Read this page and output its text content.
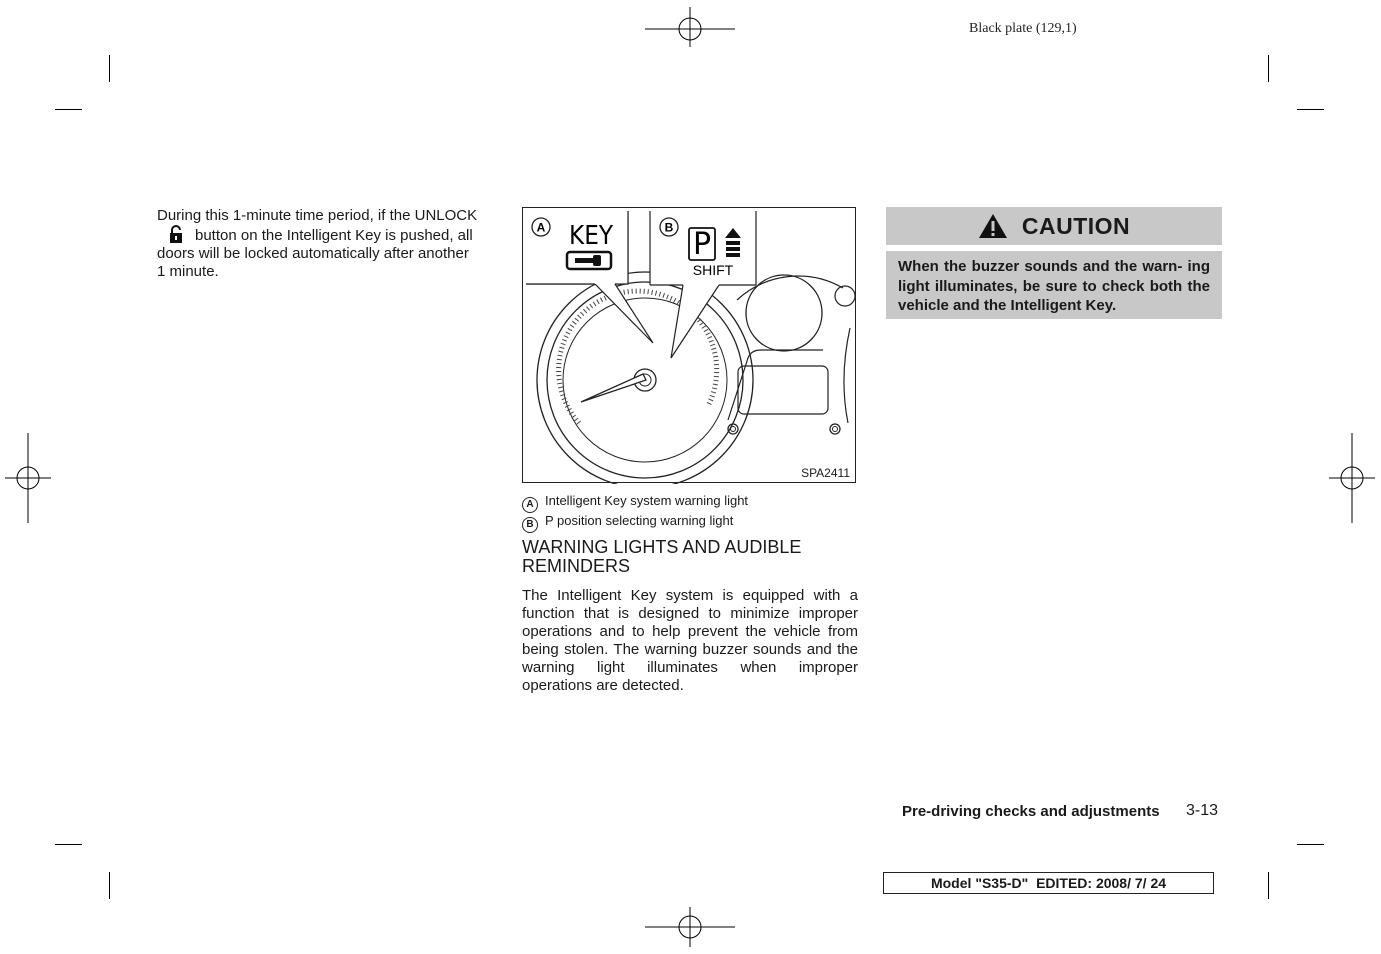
Black plate (129,1)
During this 1-minute time period, if the UNLOCK
button on the Intelligent Key is pushed, all
doors will be locked automatically after another
1 minute.
A KEY	B P
SHIFT
SPA2411
A Intelligent Key system warning light
B P position selecting warning light
WARNING LIGHTS AND AUDIBLE
REMINDERS
The Intelligent Key system is equipped with a function that is designed to minimize improper operations and to help prevent the vehicle from being stolen. The warning buzzer sounds and the warning light illuminates when improper operations are detected.
CAUTION
When the buzzer sounds and the warn- ing light illuminates, be sure to check both the vehicle and the Intelligent Key.
Pre-driving checks and adjustments 3-13
Model "S35-D" EDITED: 2008/ 7/ 24
